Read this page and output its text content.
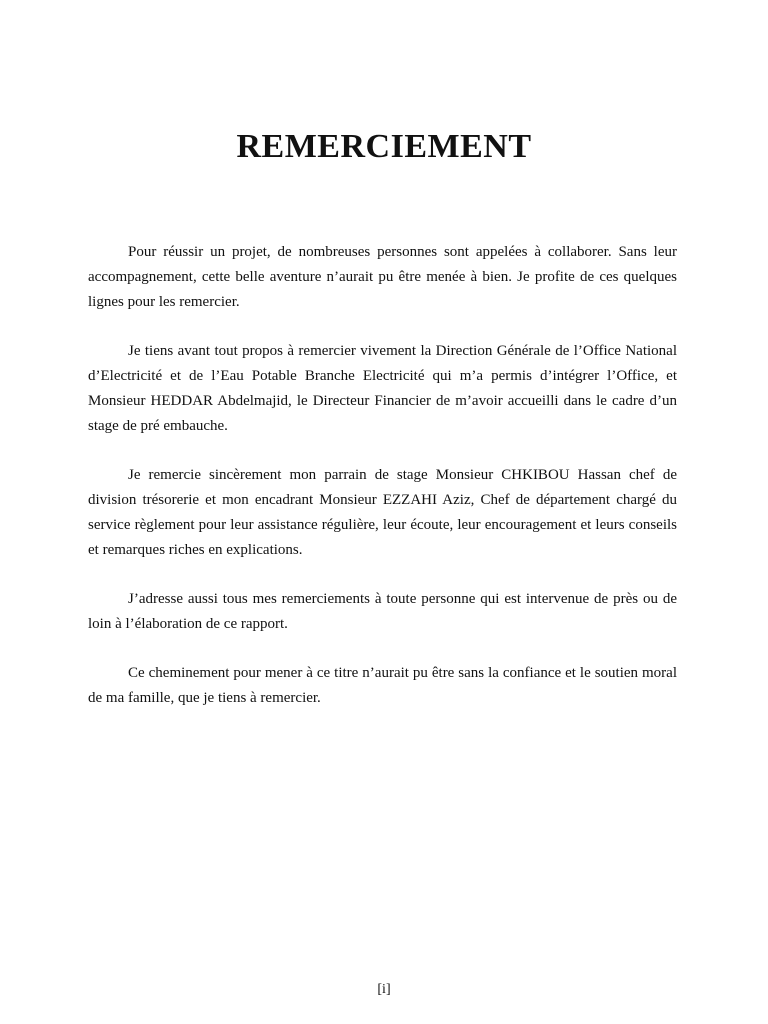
REMERCIEMENT

Pour réussir un projet, de nombreuses personnes sont appelées à collaborer. Sans leur accompagnement, cette belle aventure n’aurait pu être menée à bien. Je profite de ces quelques lignes pour les remercier.

Je tiens avant tout propos à remercier vivement la Direction Générale de l’Office National d’Electricité et de l’Eau Potable Branche Electricité qui m’a permis d’intégrer l’Office, et Monsieur HEDDAR Abdelmajid, le Directeur Financier de m’avoir accueilli dans le cadre d’un stage de pré embauche.

Je remercie sincèrement mon parrain de stage Monsieur CHKIBOU Hassan chef de division trésorerie et mon encadrant Monsieur EZZAHI Aziz, Chef de département chargé du service règlement pour leur assistance régulière, leur écoute, leur encouragement et leurs conseils et remarques riches en explications.

J’adresse aussi tous mes remerciements à toute personne qui est intervenue de près ou de loin à l’élaboration de ce rapport.

Ce cheminement pour mener à ce titre n’aurait pu être sans la confiance et le soutien moral de ma famille, que je tiens à remercier.

[i]
